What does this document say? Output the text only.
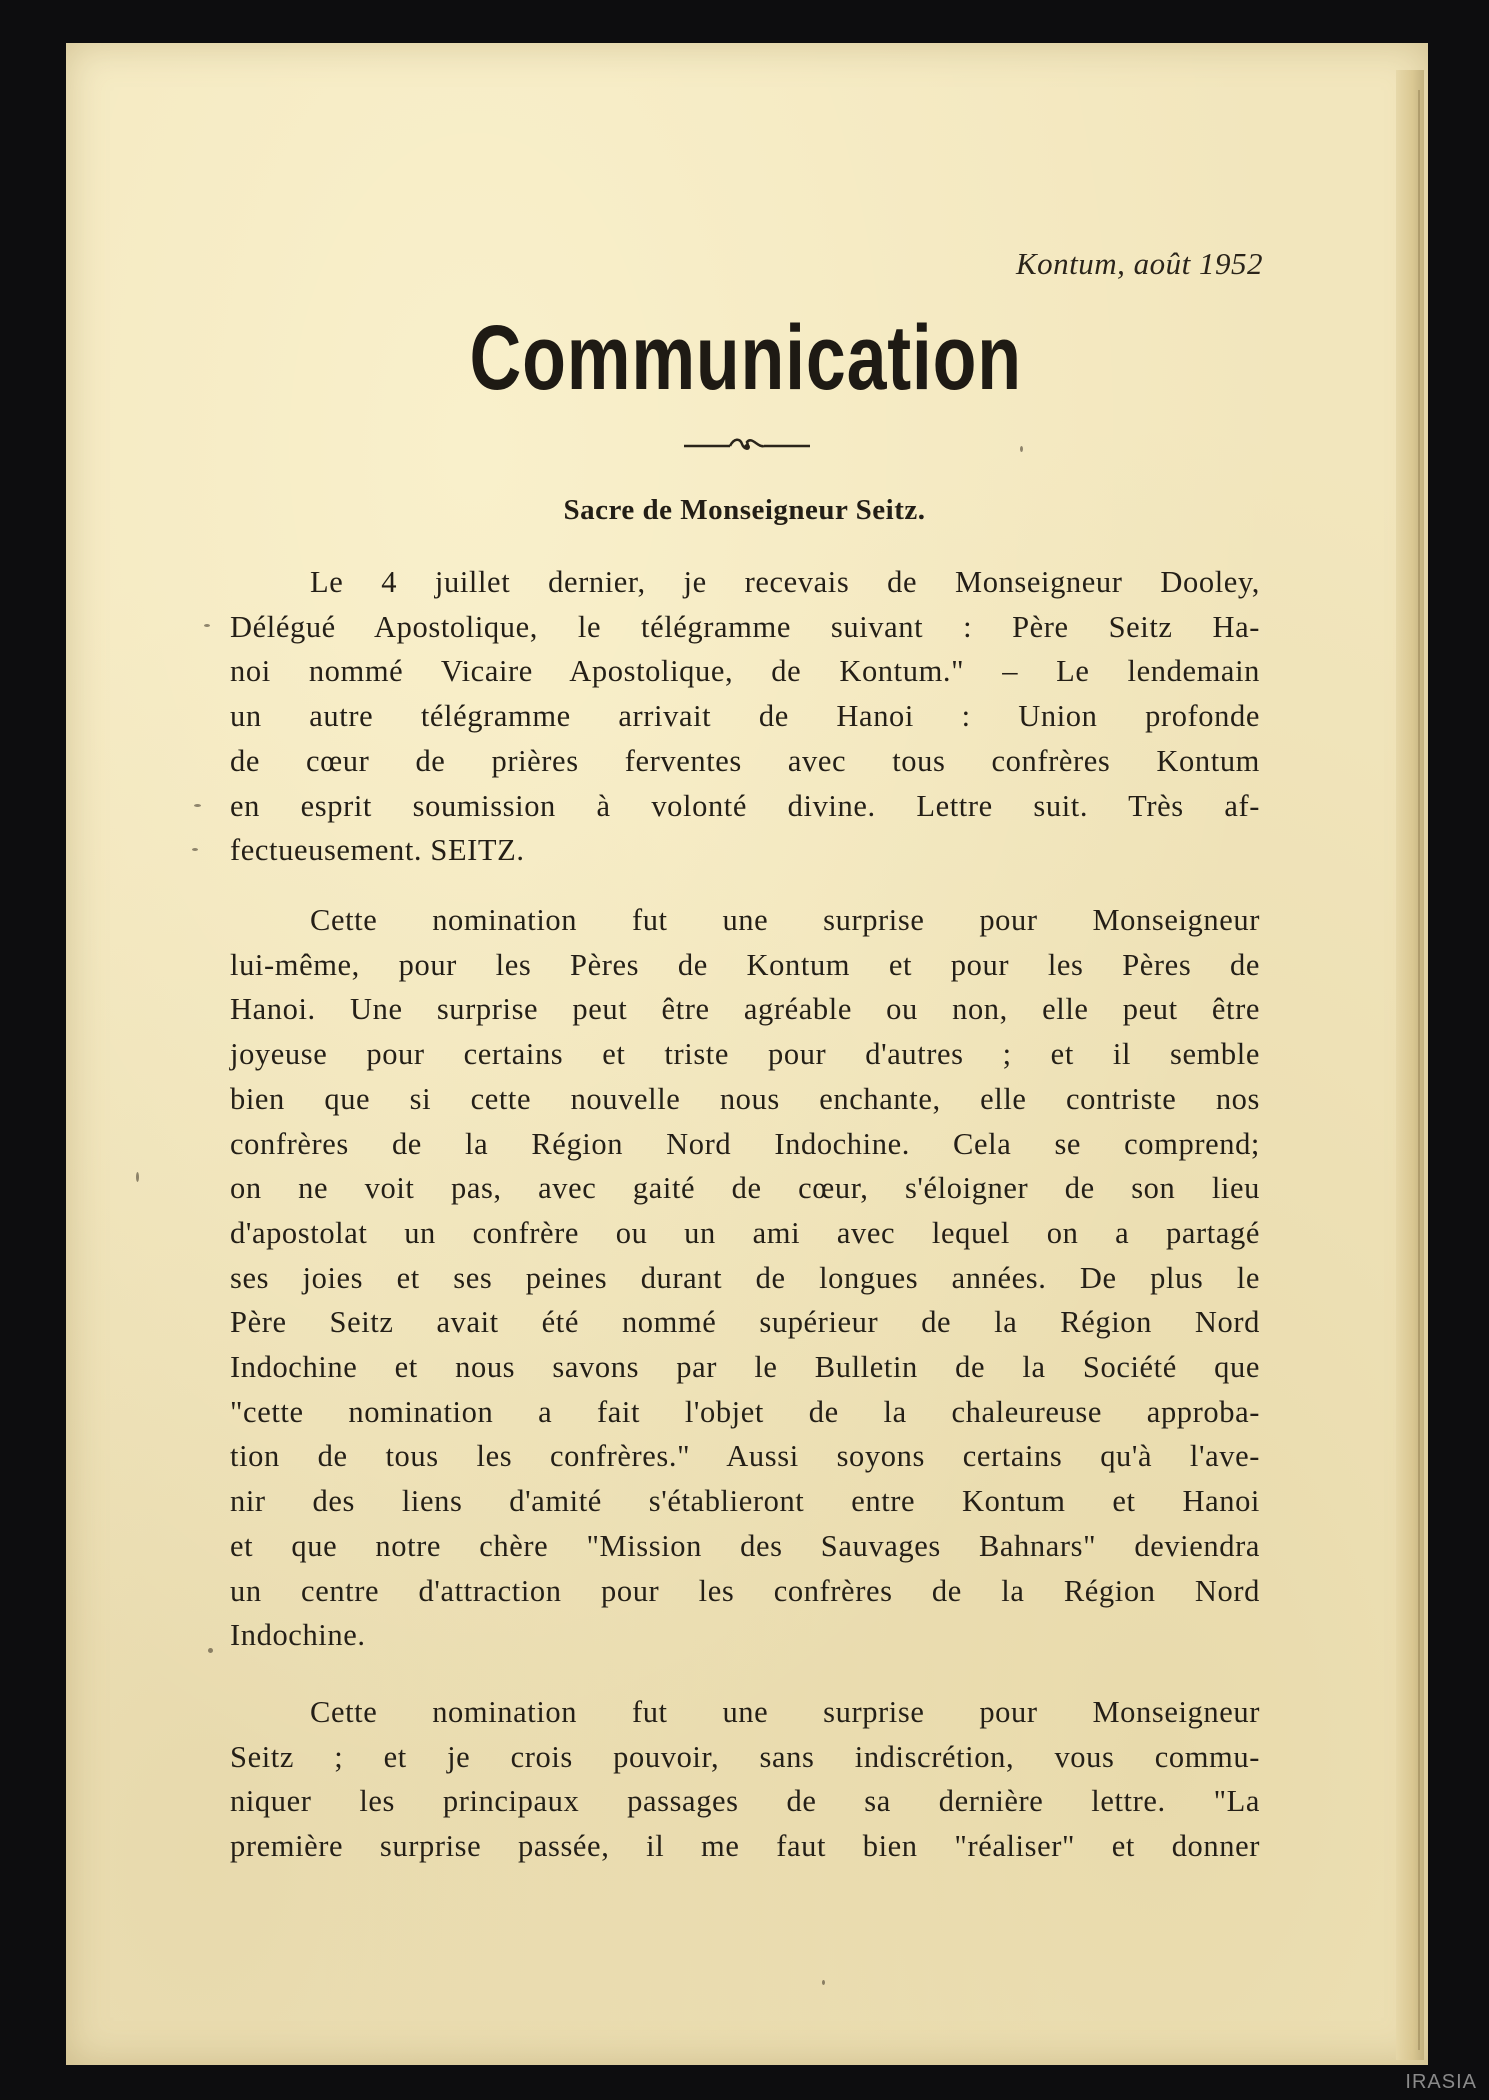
Kontum, août 1952
Communication
Sacre de Monseigneur Seitz.
Le 4 juillet dernier, je recevais de Monseigneur Dooley,
Délégué Apostolique, le télégramme suivant : Père Seitz Ha-
noi nommé Vicaire Apostolique, de Kontum." – Le lendemain
un autre télégramme arrivait de Hanoi : Union profonde
de cœur de prières ferventes avec tous confrères Kontum
en esprit soumission à volonté divine. Lettre suit. Très af-
fectueusement. SEITZ.
Cette nomination fut une surprise pour Monseigneur
lui-même, pour les Pères de Kontum et pour les Pères de
Hanoi. Une surprise peut être agréable ou non, elle peut être
joyeuse pour certains et triste pour d'autres ; et il semble
bien que si cette nouvelle nous enchante, elle contriste nos
confrères de la Région Nord Indochine. Cela se comprend;
on ne voit pas, avec gaité de cœur, s'éloigner de son lieu
d'apostolat un confrère ou un ami avec lequel on a partagé
ses joies et ses peines durant de longues années. De plus le
Père Seitz avait été nommé supérieur de la Région Nord
Indochine et nous savons par le Bulletin de la Société que
"cette nomination a fait l'objet de la chaleureuse approba-
tion de tous les confrères." Aussi soyons certains qu'à l'ave-
nir des liens d'amité s'établieront entre Kontum et Hanoi
et que notre chère "Mission des Sauvages Bahnars" deviendra
un centre d'attraction pour les confrères de la Région Nord
Indochine.
Cette nomination fut une surprise pour Monseigneur
Seitz ; et je crois pouvoir, sans indiscrétion, vous commu-
niquer les principaux passages de sa dernière lettre. "La
première surprise passée, il me faut bien "réaliser" et donner
IRASIA
